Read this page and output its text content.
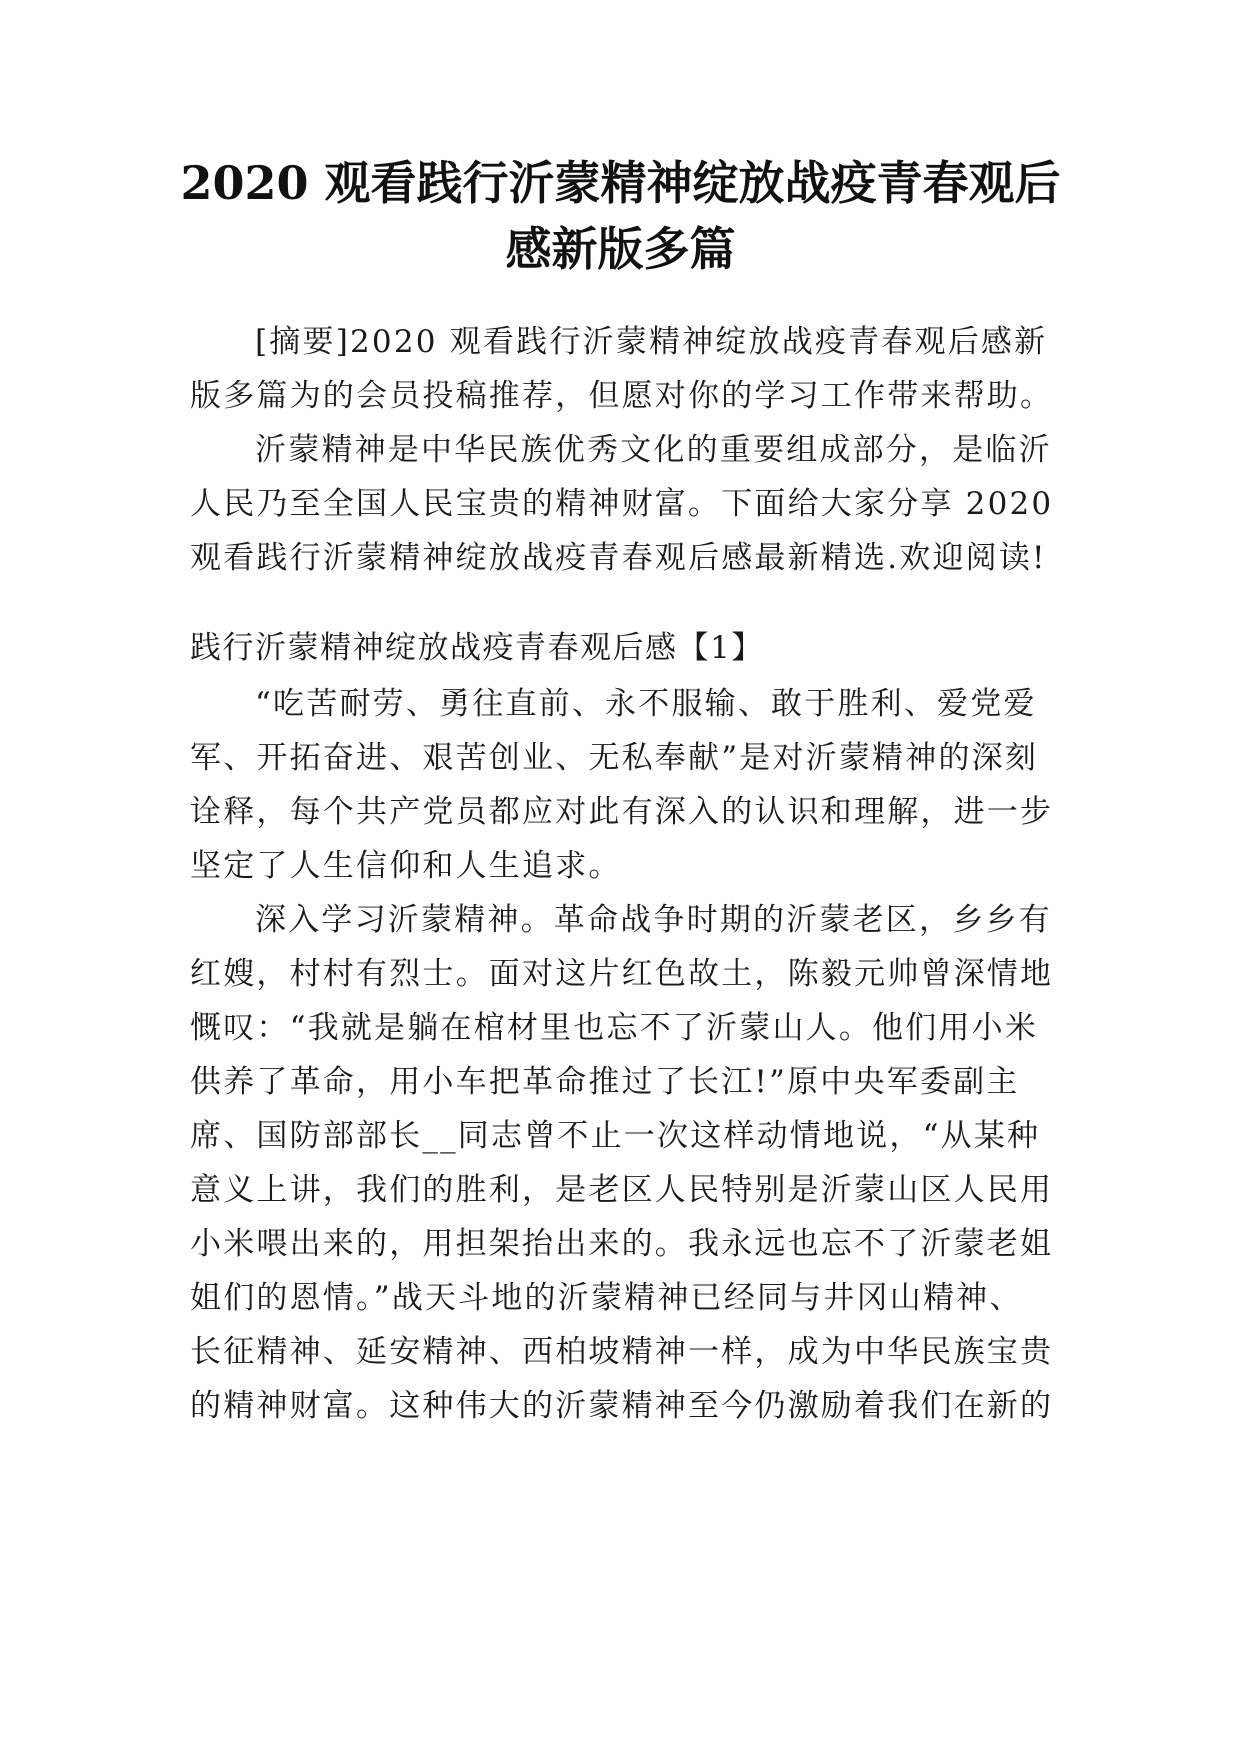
2020 观看践行沂蒙精神绽放战疫青春观后
感新版多篇
[摘要]2020 观看践行沂蒙精神绽放战疫青春观后感新
版多篇为的会员投稿推荐，但愿对你的学习工作带来帮助。
沂蒙精神是中华民族优秀文化的重要组成部分，是临沂
人民乃至全国人民宝贵的精神财富。下面给大家分享 2020
观看践行沂蒙精神绽放战疫青春观后感最新精选.欢迎阅读!
践行沂蒙精神绽放战疫青春观后感【1】
“吃苦耐劳、勇往直前、永不服输、敢于胜利、爱党爱
军、开拓奋进、艰苦创业、无私奉献”是对沂蒙精神的深刻
诠释，每个共产党员都应对此有深入的认识和理解，进一步
坚定了人生信仰和人生追求。
深入学习沂蒙精神。革命战争时期的沂蒙老区，乡乡有
红嫂，村村有烈士。面对这片红色故土，陈毅元帅曾深情地
慨叹：“我就是躺在棺材里也忘不了沂蒙山人。他们用小米
供养了革命，用小车把革命推过了长江!”原中央军委副主
席、国防部部长__同志曾不止一次这样动情地说，“从某种
意义上讲，我们的胜利，是老区人民特别是沂蒙山区人民用
小米喂出来的，用担架抬出来的。我永远也忘不了沂蒙老姐
姐们的恩情。”战天斗地的沂蒙精神已经同与井冈山精神、
长征精神、延安精神、西柏坡精神一样，成为中华民族宝贵
的精神财富。这种伟大的沂蒙精神至今仍激励着我们在新的
